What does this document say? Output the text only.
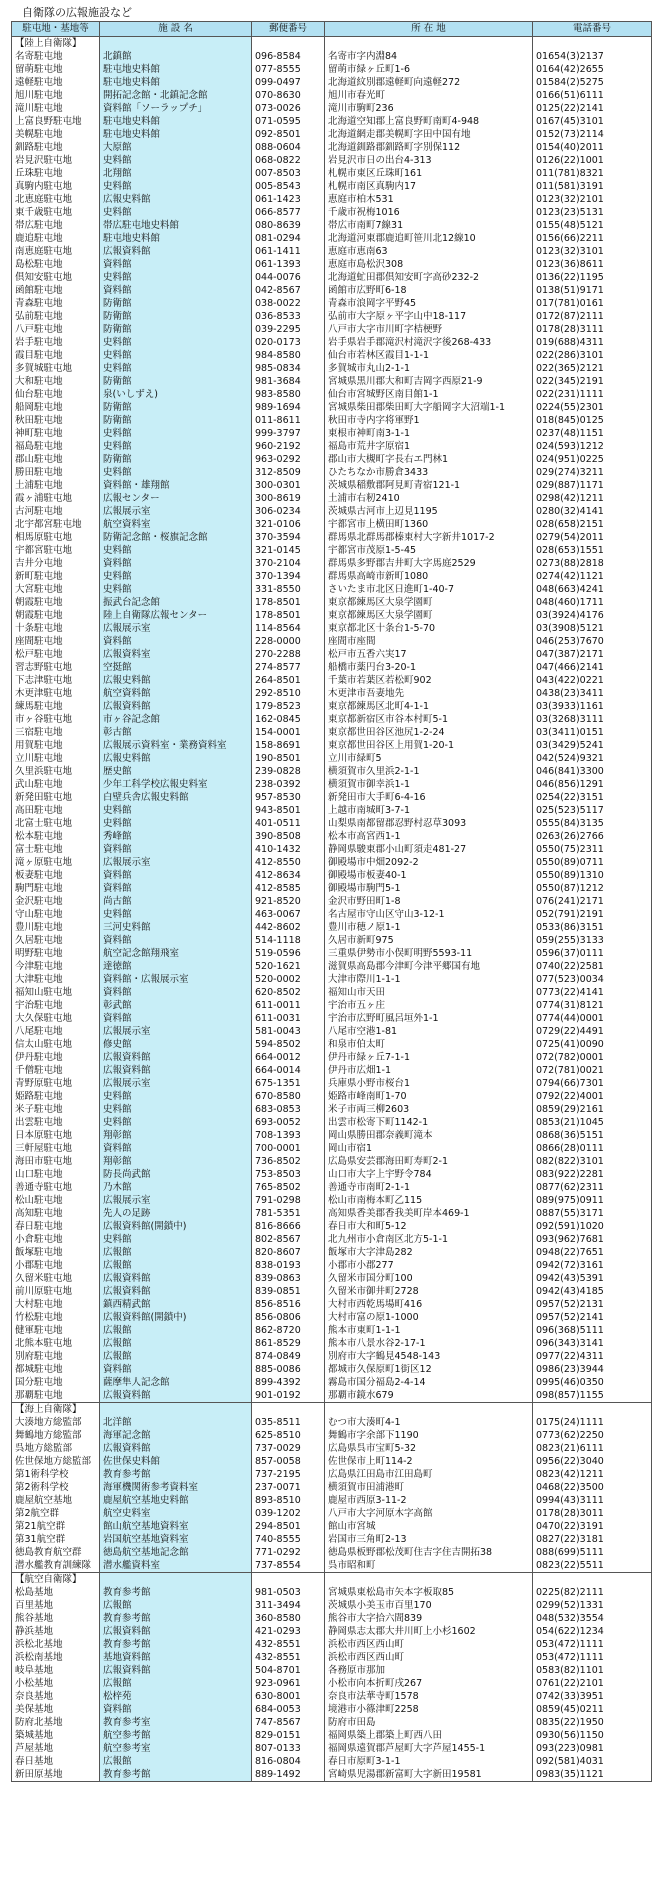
自衛隊の広報施設など
駐屯地・基地等	施 設 名	郵便番号	所 在 地	電話番号
【陸上自衛隊】				
名寄駐屯地	北鎮館	096-8584	名寄市字内淵84	01654(3)2137
留萌駐屯地	駐屯地史料館	077-8555	留萌市緑ヶ丘町1-6	0164(42)2655
遠軽駐屯地	駐屯地史料館	099-0497	北海道紋別郡遠軽町向遠軽272	01584(2)5275
旭川駐屯地	開拓記念館・北鎮記念館	070-8630	旭川市春光町	0166(51)6111
滝川駐屯地	資料館「ソーラップチ」	073-0026	滝川市駒町236	0125(22)2141
上富良野駐屯地	駐屯地史料館	071-0595	北海道空知郡上富良野町南町4-948	0167(45)3101
美幌駐屯地	駐屯地史料館	092-8501	北海道網走郡美幌町字田中国有地	0152(73)2114
釧路駐屯地	大原館	088-0604	北海道釧路郡釧路町字別保112	0154(40)2011
岩見沢駐屯地	史料館	068-0822	岩見沢市日の出台4-313	0126(22)1001
丘珠駐屯地	北翔館	007-8503	札幌市東区丘珠町161	011(781)8321
真駒内駐屯地	史料館	005-8543	札幌市南区真駒内17	011(581)3191
北恵庭駐屯地	広報史料館	061-1423	恵庭市柏木531	0123(32)2101
東千歳駐屯地	史料館	066-8577	千歳市祝梅1016	0123(23)5131
帯広駐屯地	帯広駐屯地史料館	080-8639	帯広市南町7線31	0155(48)5121
鹿追駐屯地	駐屯地史料館	081-0294	北海道河東郡鹿追町笹川北12線10	0156(66)2211
南恵庭駐屯地	広報資料館	061-1411	恵庭市恵南63	0123(32)3101
島松駐屯地	資料館	061-1393	恵庭市島松沢308	0123(36)8611
倶知安駐屯地	史料館	044-0076	北海道虻田郡倶知安町字高砂232-2	0136(22)1195
函館駐屯地	資料館	042-8567	函館市広野町6-18	0138(51)9171
青森駐屯地	防衛館	038-0022	青森市浪岡字平野45	017(781)0161
弘前駐屯地	防衛館	036-8533	弘前市大字原ヶ平字山中18-117	0172(87)2111
八戸駐屯地	防衛館	039-2295	八戸市大字市川町字桔梗野	0178(28)3111
岩手駐屯地	史料館	020-0173	岩手県岩手郡滝沢村滝沢字後268-433	019(688)4311
霞目駐屯地	史料館	984-8580	仙台市若林区霞目1-1-1	022(286)3101
多賀城駐屯地	史料館	985-0834	多賀城市丸山2-1-1	022(365)2121
大和駐屯地	防衛館	981-3684	宮城県黒川郡大和町吉岡字西原21-9	022(345)2191
仙台駐屯地	泉(いしずえ)	983-8580	仙台市宮城野区南目館1-1	022(231)1111
船岡駐屯地	防衛館	989-1694	宮城県柴田郡柴田町大字船岡字大沼端1-1	0224(55)2301
秋田駐屯地	防衛館	011-8611	秋田市寺内字将軍野1	018(845)0125
神町駐屯地	史料館	999-3797	東根市神町南3-1-1	0237(48)1151
福島駐屯地	史料館	960-2192	福島市荒井字原宿1	024(593)1212
郡山駐屯地	防衛館	963-0292	郡山市大槻町字長右エ門林1	024(951)0225
勝田駐屯地	史料館	312-8509	ひたちなか市勝倉3433	029(274)3211
土浦駐屯地	資料館・雄翔館	300-0301	茨城県稲敷郡阿見町青宿121-1	029(887)1171
霞ヶ浦駐屯地	広報センター	300-8619	土浦市右籾2410	0298(42)1211
古河駐屯地	広報展示室	306-0234	茨城県古河市上辺見1195	0280(32)4141
北宇都宮駐屯地	航空資料室	321-0106	宇都宮市上横田町1360	028(658)2151
相馬原駐屯地	防衛記念館・桜旗記念館	370-3594	群馬県北群馬郡榛東村大字新井1017-2	0279(54)2011
宇都宮駐屯地	史料館	321-0145	宇都宮市茂原1-5-45	028(653)1551
吉井分屯地	資料館	370-2104	群馬県多野郡吉井町大字馬庭2529	0273(88)2818
新町駐屯地	史料館	370-1394	群馬県高崎市新町1080	0274(42)1121
大宮駐屯地	史料館	331-8550	さいたま市北区日進町1-40-7	048(663)4241
朝霞駐屯地	振武台記念館	178-8501	東京都練馬区大泉学園町	048(460)1711
朝霞駐屯地	陸上自衛隊広報センター	178-8501	東京都練馬区大泉学園町	03(3924)4176
十条駐屯地	広報展示室	114-8564	東京都北区十条台1-5-70	03(3908)5121
座間駐屯地	資料館	228-0000	座間市座間	046(253)7670
松戸駐屯地	広報資料室	270-2288	松戸市五香六実17	047(387)2171
習志野駐屯地	空挺館	274-8577	船橋市薬円台3-20-1	047(466)2141
下志津駐屯地	広報史料館	264-8501	千葉市若葉区若松町902	043(422)0221
木更津駐屯地	航空資料館	292-8510	木更津市吾妻地先	0438(23)3411
練馬駐屯地	広報資料館	179-8523	東京都練馬区北町4-1-1	03(3933)1161
市ヶ谷駐屯地	市ヶ谷記念館	162-0845	東京都新宿区市谷本村町5-1	03(3268)3111
三宿駐屯地	彰古館	154-0001	東京都世田谷区池尻1-2-24	03(3411)0151
用賀駐屯地	広報展示資料室・業務資料室	158-8691	東京都世田谷区上用賀1-20-1	03(3429)5241
立川駐屯地	広報史料館	190-8501	立川市緑町5	042(524)9321
久里浜駐屯地	歴史館	239-0828	横須賀市久里浜2-1-1	046(841)3300
武山駐屯地	少年工科学校広報史料室	238-0392	横須賀市御幸浜1-1	046(856)1291
新発田駐屯地	白壁兵舎広報史料館	957-8530	新発田市大手町6-4-16	0254(22)3151
高田駐屯地	史料館	943-8501	上越市南城町3-7-1	025(523)5117
北富士駐屯地	史料館	401-0511	山梨県南都留郡忍野村忍草3093	0555(84)3135
松本駐屯地	秀峰館	390-8508	松本市高宮西1-1	0263(26)2766
富士駐屯地	資料館	410-1432	静岡県駿東郡小山町須走481-27	0550(75)2311
滝ヶ原駐屯地	広報展示室	412-8550	御殿場市中畑2092-2	0550(89)0711
板妻駐屯地	資料館	412-8634	御殿場市板妻40-1	0550(89)1310
駒門駐屯地	資料館	412-8585	御殿場市駒門5-1	0550(87)1212
金沢駐屯地	尚古館	921-8520	金沢市野田町1-8	076(241)2171
守山駐屯地	史料館	463-0067	名古屋市守山区守山3-12-1	052(791)2191
豊川駐屯地	三河史料館	442-8602	豊川市穂ノ原1-1	0533(86)3151
久居駐屯地	資料館	514-1118	久居市新町975	059(255)3133
明野駐屯地	航空記念館翔飛室	519-0596	三重県伊勢市小俣町明野5593-11	0596(37)0111
今津駐屯地	達徳館	520-1621	滋賀県高島郡今津町今津平郷国有地	0740(22)2581
大津駐屯地	資料館・広報展示室	520-0002	大津市際川1-1-1	077(523)0034
福知山駐屯地	資料館	620-8502	福知山市天田	0773(22)4141
宇治駐屯地	彰武館	611-0011	宇治市五ヶ庄	0774(31)8121
大久保駐屯地	資料館	611-0031	宇治市広野町風呂垣外1-1	0774(44)0001
八尾駐屯地	広報展示室	581-0043	八尾市空港1-81	0729(22)4491
信太山駐屯地	修史館	594-8502	和泉市伯太町	0725(41)0090
伊丹駐屯地	広報資料館	664-0012	伊丹市緑ヶ丘7-1-1	072(782)0001
千僧駐屯地	広報資料館	664-0014	伊丹市広畑1-1	072(781)0021
青野原駐屯地	広報展示室	675-1351	兵庫県小野市桜台1	0794(66)7301
姫路駐屯地	史料館	670-8580	姫路市峰南町1-70	0792(22)4001
米子駐屯地	史料館	683-0853	米子市両三柳2603	0859(29)2161
出雲駐屯地	史料館	693-0052	出雲市松寄下町1142-1	0853(21)1045
日本原駐屯地	翔彰館	708-1393	岡山県勝田郡奈義町滝本	0868(36)5151
三軒屋駐屯地	資料館	700-0001	岡山市宿1	0866(28)0111
海田市駐屯地	翔彰館	736-8502	広島県安芸郡海田町寿町2-1	082(822)3101
山口駐屯地	防長尚武館	753-8503	山口市大字上宇野令784	083(922)2281
善通寺駐屯地	乃木館	765-8502	善通寺市南町2-1-1	0877(62)2311
松山駐屯地	広報展示室	791-0298	松山市南梅本町乙115	089(975)0911
高知駐屯地	先人の足跡	781-5351	高知県香美郡香我美町岸本469-1	0887(55)3171
春日駐屯地	広報資料館(開鎖中)	816-8666	春日市大和町5-12	092(591)1020
小倉駐屯地	史料館	802-8567	北九州市小倉南区北方5-1-1	093(962)7681
飯塚駐屯地	広報館	820-8607	飯塚市大字津島282	0948(22)7651
小郡駐屯地	広報館	838-0193	小郡市小郡277	0942(72)3161
久留米駐屯地	広報資料館	839-0863	久留米市国分町100	0942(43)5391
前川原駐屯地	広報資料館	839-0851	久留米市御井町2728	0942(43)4185
大村駐屯地	鎮西精武館	856-8516	大村市西乾馬場町416	0957(52)2131
竹松駐屯地	広報資料館(開鎖中)	856-0806	大村市富の原1-1000	0957(52)2141
健軍駐屯地	広報館	862-8720	熊本市東町1-1-1	096(368)5111
北熊本駐屯地	広報館	861-8529	熊本市八景水谷2-17-1	096(343)3141
別府駐屯地	広報館	874-0849	別府市大字鶴見4548-143	0977(22)4311
都城駐屯地	資料館	885-0086	都城市久保原町1街区12	0986(23)3944
国分駐屯地	薩摩隼人記念館	899-4392	霧島市国分福島2-4-14	0995(46)0350
那覇駐屯地	広報資料館	901-0192	那覇市鏡水679	098(857)1155
【海上自衛隊】				
大湊地方総監部	北洋館	035-8511	むつ市大湊町4-1	0175(24)1111
舞鶴地方総監部	海軍記念館	625-8510	舞鶴市字余部下1190	0773(62)2250
呉地方総監部	広報資料館	737-0029	広島県呉市宝町5-32	0823(21)6111
佐世保地方総監部	佐世保史料館	857-0058	佐世保市上町114-2	0956(22)3040
第1術科学校	教育参考館	737-2195	広島県江田島市江田島町	0823(42)1211
第2術科学校	海軍機関術参考資料室	237-0071	横須賀市田浦港町	0468(22)3500
鹿屋航空基地	鹿屋航空基地史料館	893-8510	鹿屋市西原3-11-2	0994(43)3111
第2航空群	航空史料室	039-1202	八戸市大字河原木字高館	0178(28)3011
第21航空群	館山航空基地資料室	294-8501	館山市宮城	0470(22)3191
第31航空群	岩国航空基地資料室	740-8555	岩国市三角町2-13	0827(22)3181
徳島教育航空群	徳島航空基地記念館	771-0292	徳島県板野郡松茂町住吉字住吉開拓38	088(699)5111
潜水艦教育訓練隊	潜水艦資料室	737-8554	呉市昭和町	0823(22)5511
【航空自衛隊】				
松島基地	教育参考館	981-0503	宮城県東松島市矢本字板取85	0225(82)2111
百里基地	広報館	311-3494	茨城県小美玉市百里170	0299(52)1331
熊谷基地	教育参考館	360-8580	熊谷市大字拾六間839	048(532)3554
静浜基地	広報資料館	421-0293	静岡県志太郡大井川町上小杉1602	054(622)1234
浜松北基地	教育参考館	432-8551	浜松市西区西山町	053(472)1111
浜松南基地	基地資料館	432-8551	浜松市西区西山町	053(472)1111
岐阜基地	広報資料館	504-8701	各務原市那加	0583(82)1101
小松基地	広報館	923-0961	小松市向本折町戌267	0761(22)2101
奈良基地	松梓苑	630-8001	奈良市法華寺町1578	0742(33)3951
美保基地	資料館	684-0053	境港市小篠津町2258	0859(45)0211
防府北基地	教育参考室	747-8567	防府市田島	0835(22)1950
築城基地	航空参考館	829-0151	福岡県築上郡築上町西八田	0930(56)1150
芦屋基地	航空参考室	807-0133	福岡県遠賀郡芦屋町大字芦屋1455-1	093(223)0981
春日基地	広報館	816-0804	春日市原町3-1-1	092(581)4031
新田原基地	教育参考館	889-1492	宮崎県児湯郡新富町大字新田19581	0983(35)1121
